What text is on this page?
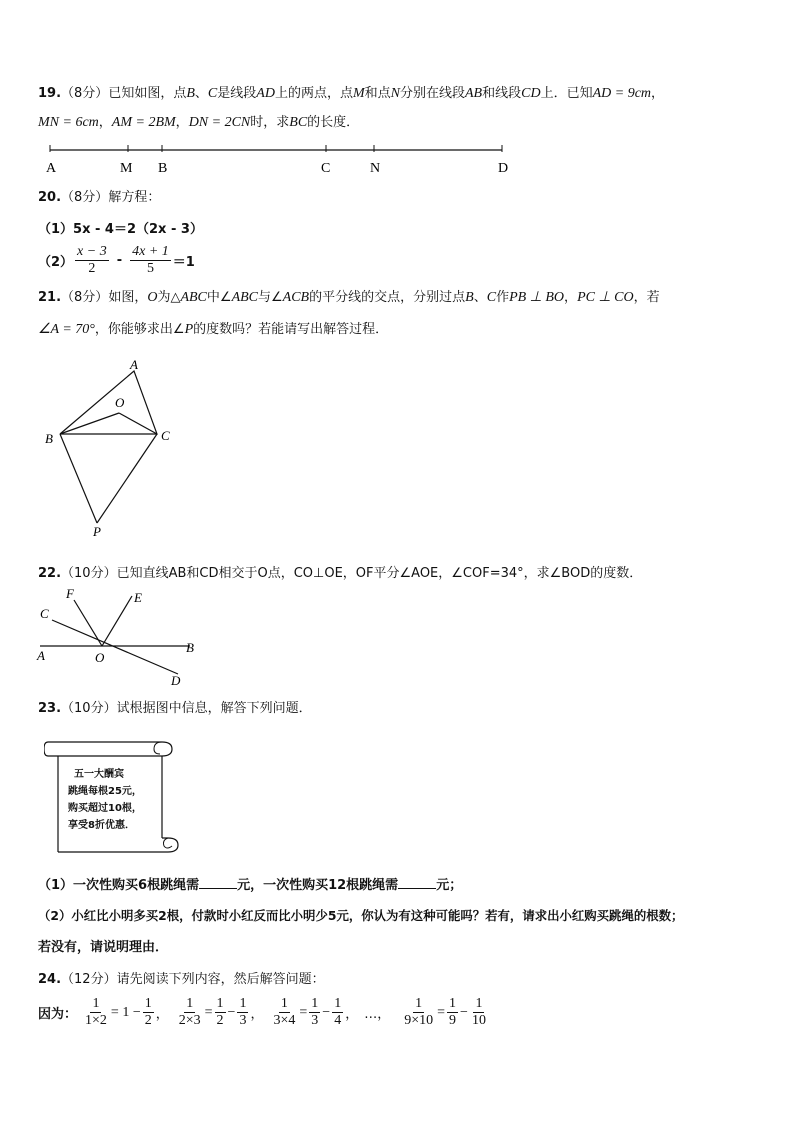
19.（8分）已知如图，点B、C是线段AD上的两点，点M和点N分别在线段AB和线段CD上．已知AD = 9cm，
MN = 6cm，AM = 2BM，DN = 2CN时，求BC的长度．
A	M B	C	N	D
20.（8分）解方程：
（1）5x - 4＝2（2x - 3）
$(2) \frac{x - 3}{2} - \frac{4x + 1}{5} =1$
21.（8分）如图，O为△ABC中∠ABC与∠ACB的平分线的交点，分别过点B、C作PB ⊥ BO，PC ⊥ CO，若
∠A = 70°，你能够求出∠P的度数吗？若能请写出解答过程．
A
O
B	C
P
22.（10分）已知直线AB和CD相交于O点，CO⊥OE，OF平分∠AOE，∠COF=34°，求∠BOD的度数．
F	E
C
B
A	O
D
23.（10分）试根据图中信息，解答下列问题．
五一大酬宾
跳绳每根25元，
购买超过10根，
享受8折优惠．
（1）一次性购买6根跳绳需	元，一次性购买12根跳绳需	元；
（2）小红比小明多买2根，付款时小红反而比小明少5元，你认为有这种可能吗？若有，请求出小红购买跳绳的根数；
若没有，请说明理由．
24.（12分）请先阅读下列内容，然后解答问题：
因为： $\frac{1}{1\times 2} = 1 - \frac{1}{2}$ ， $\frac{1}{2\times 3} = \frac{1}{2} - \frac{1}{3}$ ， $\frac{1}{3\times 4} = \frac{1}{3} - \frac{1}{4}$ ， …， $\frac{1}{9\times 10} = \frac{1}{9} - \frac{1}{10}$
